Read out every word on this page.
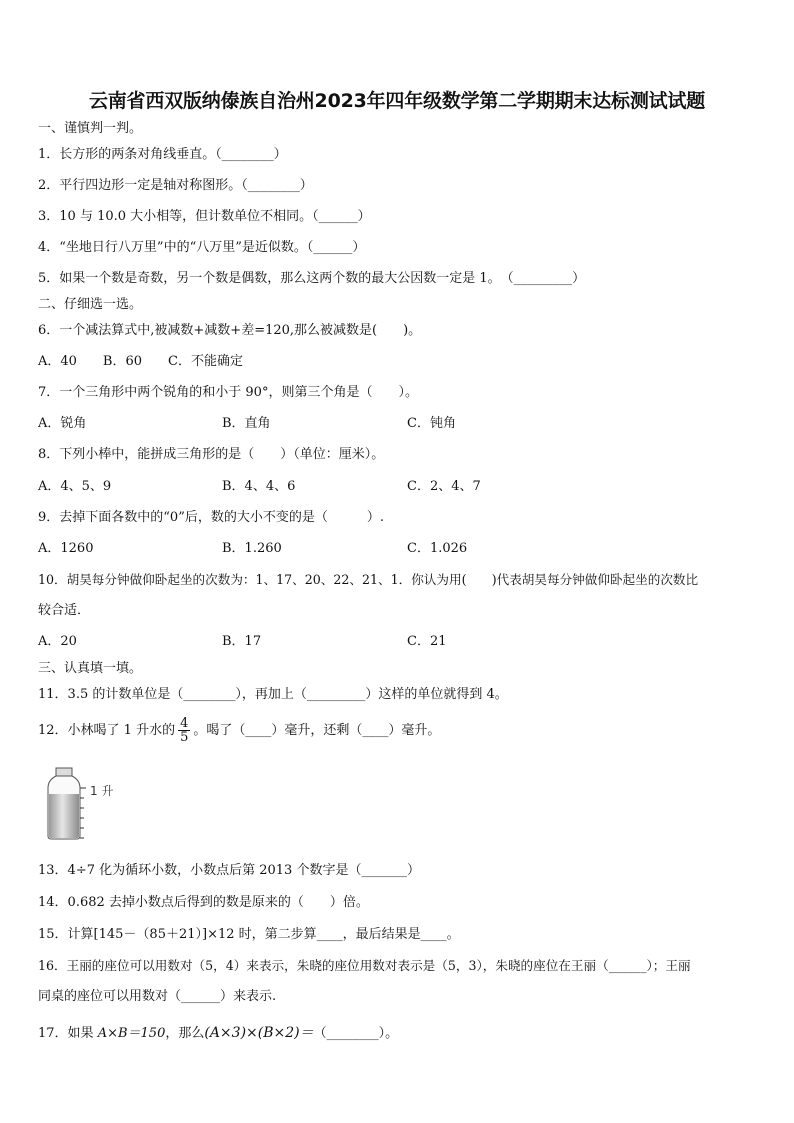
云南省西双版纳傣族自治州2023年四年级数学第二学期期末达标测试试题
一、谨慎判一判。
1．长方形的两条对角线垂直。（________）
2．平行四边形一定是轴对称图形。（________）
3．10 与 10.0 大小相等，但计数单位不相同。（______）
4．“坐地日行八万里”中的“八万里”是近似数。（______）
5．如果一个数是奇数，另一个数是偶数，那么这两个数的最大公因数一定是 1。　（_________）
二、仔细选一选。
6．一个减法算式中,被减数+减数+差=120,那么被减数是(　　)。
A．40　　B．60　　C．不能确定
7．一个三角形中两个锐角的和小于 90°，则第三个角是（　　）。
A．锐角	B．直角	C．钝角
8．下列小棒中，能拼成三角形的是（　　）（单位：厘米）。
A．4、5、9	B．4、4、6	C．2、4、7
9．去掉下面各数中的“0”后，数的大小不变的是（　　　）.
A．1260	B．1.260	C．1.026
10．胡昊每分钟做仰卧起坐的次数为：1、17、20、22、21、1．你认为用(　　)代表胡昊每分钟做仰卧起坐的次数比
较合适．
A．20	B．17	C．21
三、认真填一填。
11．3.5 的计数单位是（________），再加上（_________）这样的单位就得到 4。
12．小林喝了 1 升水的 $\frac{4}{5}$ 。喝了（____）毫升，还剩（____）毫升。
1 升
13．4÷7 化为循环小数，小数点后第 2013 个数字是（_______）
14．0.682 去掉小数点后得到的数是原来的（　　）倍。
15．计算[145－（85＋21）]×12 时，第二步算____，最后结果是____。
16．王丽的座位可以用数对（5，4）来表示，朱晓的座位用数对表示是（5，3），朱晓的座位在王丽（______）；王丽
同桌的座位可以用数对（______）来表示.
17．如果 A×B＝150，那么(A×3)×(B×2)＝（________）。
